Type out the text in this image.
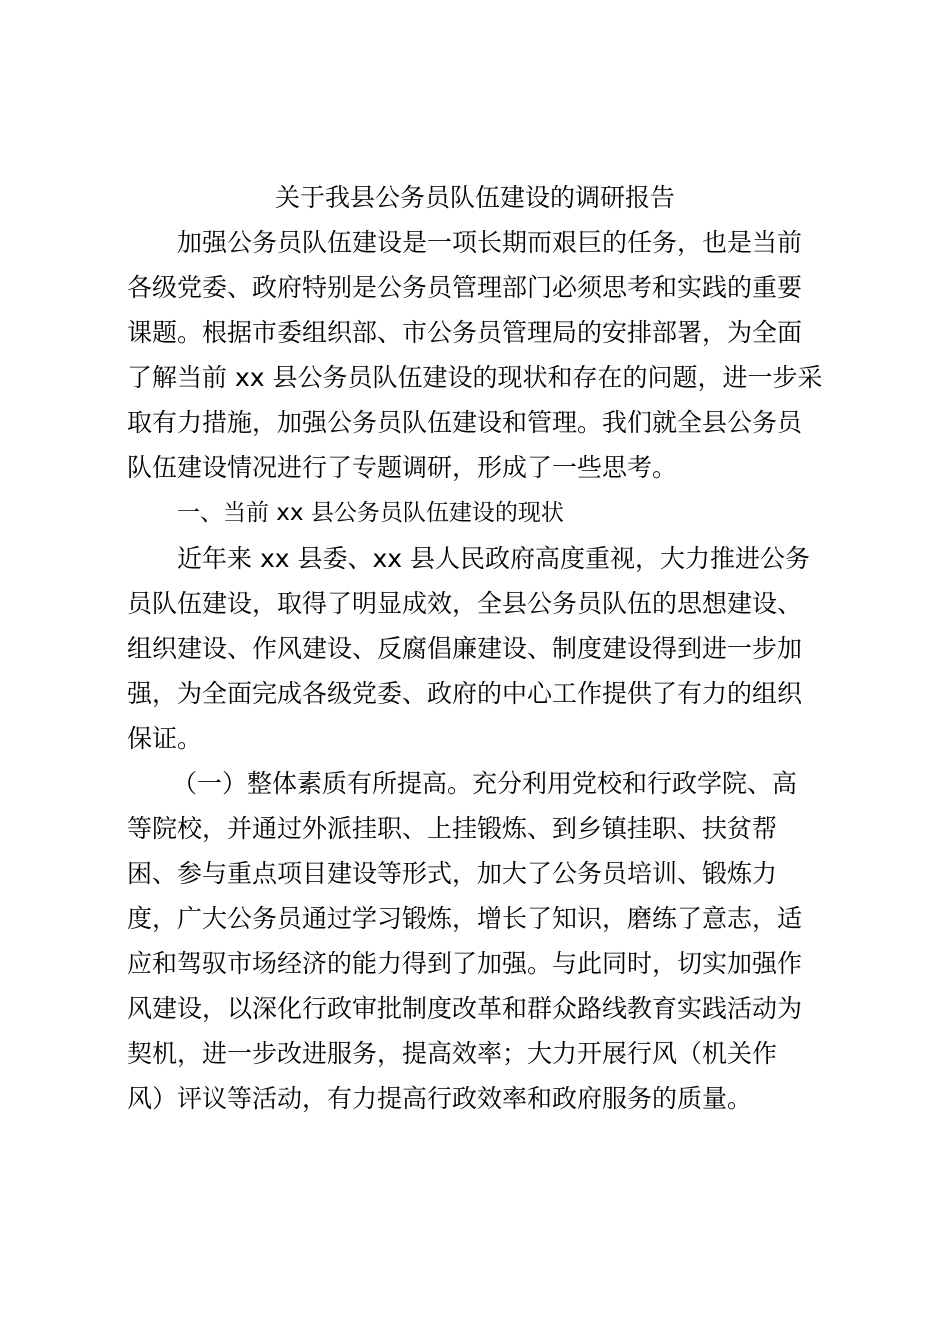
关于我县公务员队伍建设的调研报告
加强公务员队伍建设是一项长期而艰巨的任务，也是当前
各级党委、政府特别是公务员管理部门必须思考和实践的重要
课题。根据市委组织部、市公务员管理局的安排部署，为全面
了解当前 xx 县公务员队伍建设的现状和存在的问题，进一步采
取有力措施，加强公务员队伍建设和管理。我们就全县公务员
队伍建设情况进行了专题调研，形成了一些思考。
一、当前 xx 县公务员队伍建设的现状
近年来 xx 县委、xx 县人民政府高度重视，大力推进公务
员队伍建设，取得了明显成效，全县公务员队伍的思想建设、
组织建设、作风建设、反腐倡廉建设、制度建设得到进一步加
强，为全面完成各级党委、政府的中心工作提供了有力的组织
保证。
（一）整体素质有所提高。充分利用党校和行政学院、高
等院校，并通过外派挂职、上挂锻炼、到乡镇挂职、扶贫帮
困、参与重点项目建设等形式，加大了公务员培训、锻炼力
度，广大公务员通过学习锻炼，增长了知识，磨练了意志，适
应和驾驭市场经济的能力得到了加强。与此同时，切实加强作
风建设，以深化行政审批制度改革和群众路线教育实践活动为
契机，进一步改进服务，提高效率；大力开展行风（机关作
风）评议等活动，有力提高行政效率和政府服务的质量。
